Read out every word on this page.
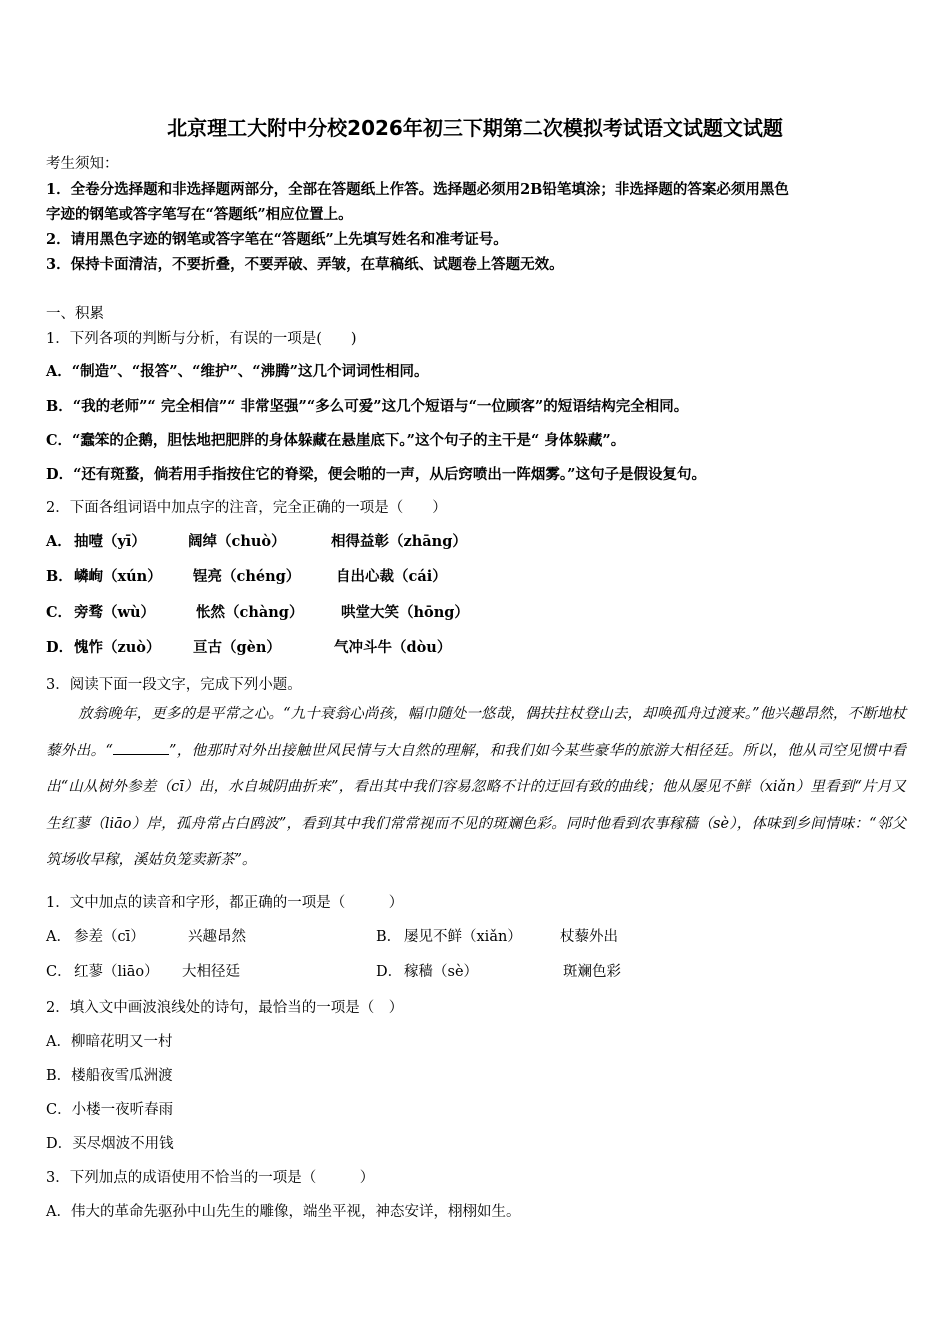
北京理工大附中分校2026年初三下期第二次模拟考试语文试题文试题
考生须知：
1．全卷分选择题和非选择题两部分，全部在答题纸上作答。选择题必须用2B铅笔填涂；非选择题的答案必须用黑色
字迹的钢笔或答字笔写在“答题纸”相应位置上。
2．请用黑色字迹的钢笔或答字笔在“答题纸”上先填写姓名和准考证号。
3．保持卡面清洁，不要折叠，不要弄破、弄皱，在草稿纸、试题卷上答题无效。
一、积累
1．下列各项的判断与分析，有误的一项是(　　)
A．“制造”、“报答”、“维护”、“沸腾”这几个词词性相同。
B．“我的老师”“ 完全相信”“ 非常坚强”“多么可爱”这几个短语与“一位顾客”的短语结构完全相同。
C．“蠢笨的企鹅，胆怯地把肥胖的身体躲藏在悬崖底下。”这个句子的主干是“ 身体躲藏”。
D．“还有斑蝥，倘若用手指按住它的脊梁，便会啪的一声，从后窍喷出一阵烟雾。”这句子是假设复句。
2．下面各组词语中加点字的注音，完全正确的一项是（　　）
A． 抽噎（yī）	阔绰（chuò）	相得益彰（zhāng）
B． 嶙峋（xún） 锃亮（chéng） 自出心裁（cái）
C． 旁骛（wù）	怅然（chàng）	哄堂大笑（hōng）
D． 愧怍（zuò） 亘古（gèn）	气冲斗牛（dòu）
3．阅读下面一段文字，完成下列小题。
放翁晚年，更多的是平常之心。“九十衰翁心尚孩，幅巾随处一悠哉，偶扶拄杖登山去，却唤孤舟过渡来。”他兴趣昂然，不断地杖藜外出。“	”，他那时对外出接触世风民情与大自然的理解，和我们如今某些豪华的旅游大相径廷。所以，他从司空见惯中看出“山从树外参差（cī）出，水自城阴曲折来”，看出其中我们容易忽略不计的迂回有致的曲线；他从屡见不鲜（xiǎn）里看到“片月又生红蓼（liāo）岸，孤舟常占白鸥波”，看到其中我们常常视而不见的斑斓色彩。同时他看到农事稼穑（sè），体味到乡间情味：“邻父筑场收早稼，溪姑负笼卖新茶”。
1．文中加点的读音和字形，都正确的一项是（　　　）
A． 参差（cī）	兴趣昂然	B． 屡见不鲜（xiǎn）	杖藜外出
C． 红蓼（liāo） 大相径廷	D． 稼穑（sè）	斑斓色彩
2．填入文中画波浪线处的诗句，最恰当的一项是（　）
A．柳暗花明又一村
B．楼船夜雪瓜洲渡
C．小楼一夜听春雨
D．买尽烟波不用钱
3．下列加点的成语使用不恰当的一项是（　　　）
A．伟大的革命先驱孙中山先生的雕像，端坐平视，神态安详，栩栩如生。
